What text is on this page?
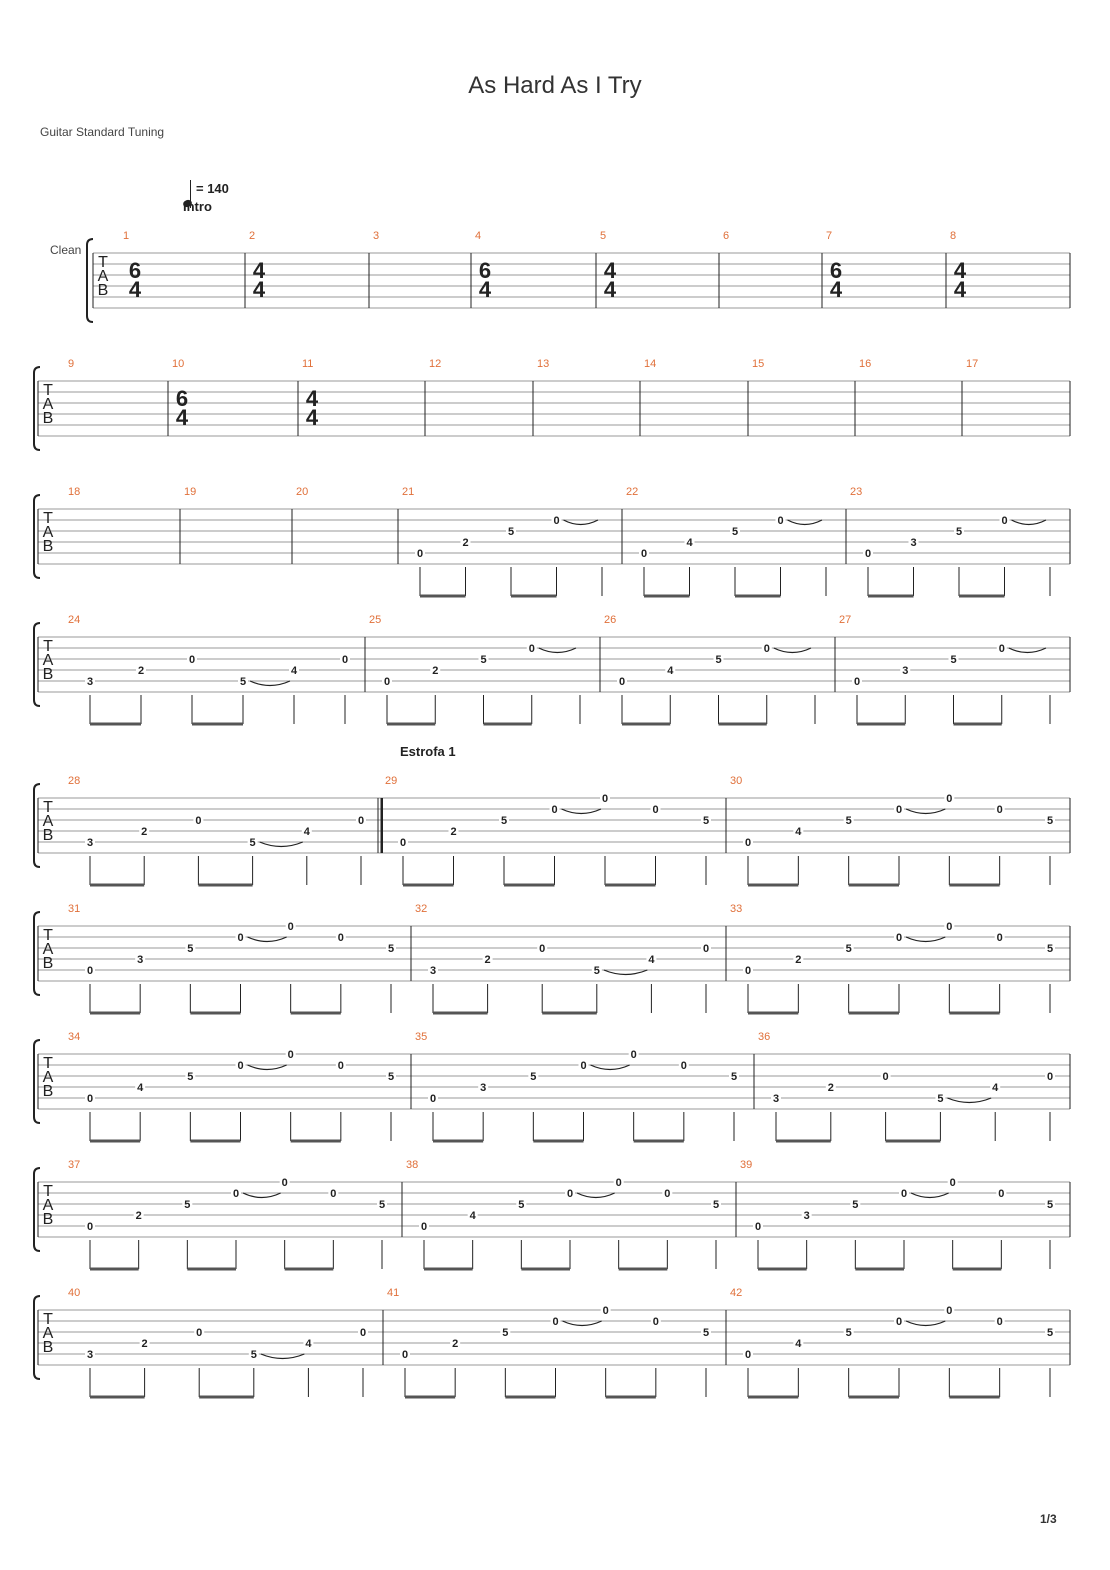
As Hard As I Try
Guitar Standard Tuning
= 140
Intro
Estrofa 1
Clean
1/3
T
A
B
1
6
4
2
4
4
3	4
6
4
5
4
4
6	7
6
4
8
4
4
T
A
B
9	10
6
4
11
4
4
12	13	14	15	16	17
T
A
B
18	19	20	21
0
2
5
0
22
0
4
5
0
23
0
3
5
0
T
A
B
24
3
2
0
5
4
0
25
0
2
5
0
26
0
4
5
0
27
0
3
5
0
T
A
B
28
3
2
0
5
4
0
29
0
2
5
0
0
0
5
30
0
4
5
0
0
0
5
T
A
B
31
0
3
5
0
0
0
5
32
3
2
0
5
4
0
33
0
2
5
0
0
0
5
T
A
B
34
0
4
5
0
0
0
5
35
0
3
5
0
0
0
5
36
3
2
0
5
4
0
T
A
B
37
0
2
5
0
0
0
5
38
0
4
5
0
0
0
5
39
0
3
5
0
0
0
5
T
A
B
40
3
2
0
5
4
0
41
0
2
5
0
0
0
5
42
0
4
5
0
0
0
5
